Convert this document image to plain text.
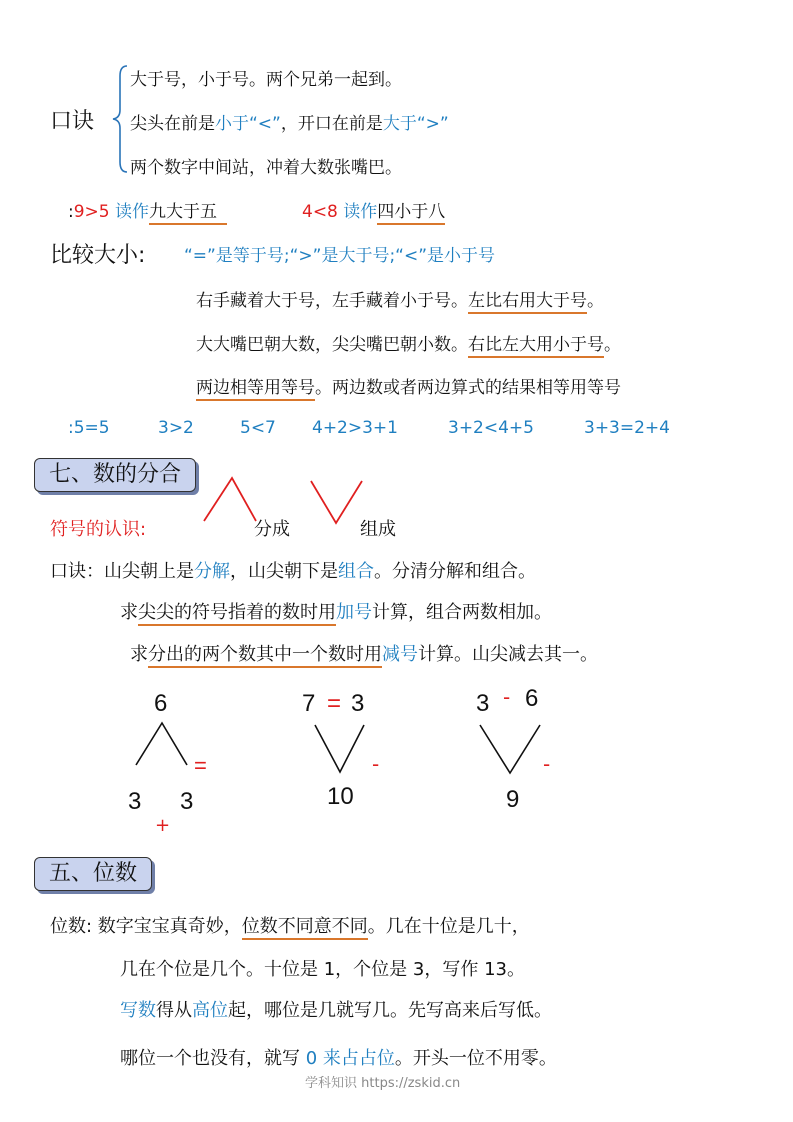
口诀
大于号，小于号。两个兄弟一起到。
尖头在前是小于“<”，开口在前是大于“>”
两个数字中间站，冲着大数张嘴巴。
:9>5 读作九大于五	4<8 读作四小于八
比较大小: “=”是等于号;“>”是大于号;“<”是小于号
右手藏着大于号，左手藏着小于号。左比右用大于号。
大大嘴巴朝大数，尖尖嘴巴朝小数。右比左大用小于号。
两边相等用等号。两边数或者两边算式的结果相等用等号
:5=5	3>2	5<7 4+2>3+1	3+2<4+5	3+3=2+4
七、数的分合
符号的认识:	分成	组成
口诀：山尖朝上是分解，山尖朝下是组合。分清分解和组合。
求尖尖的符号指着的数时用加号计算，组合两数相加。
求分出的两个数其中一个数时用减号计算。山尖减去其一。
6
3 3
=
+
7 = 3
10
-
3 - 6
9
-
五、位数
位数: 数字宝宝真奇妙，位数不同意不同。几在十位是几十，
几在个位是几个。十位是 1，个位是 3，写作 13。
写数得从高位起，哪位是几就写几。先写高来后写低。
哪位一个也没有，就写 0 来占占位。开头一位不用零。
学科知识 https://zskid.cn
